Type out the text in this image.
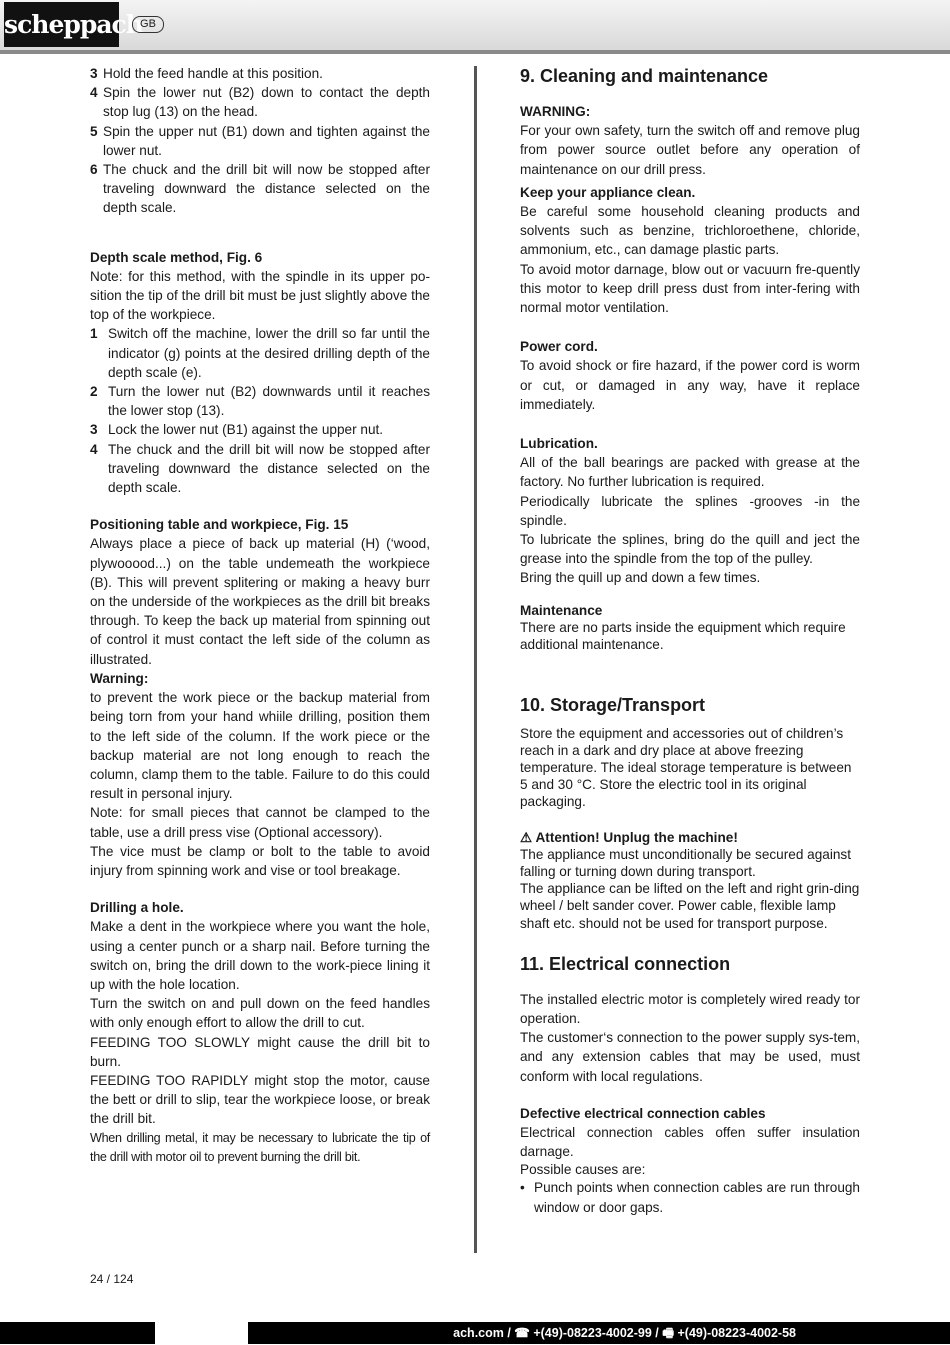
scheppach
GB
3 Hold the feed handle at this position.
4 Spin the lower nut (B2) down to contact the depth stop lug (13) on the head.
5 Spin the upper nut (B1) down and tighten against the lower nut.
6 The chuck and the drill bit will now be stopped after traveling downward the distance selected on the depth scale.

Depth scale method, Fig. 6

Note: for this method, with the spindle in its upper po-sition the tip of the drill bit must be just slightly above the top of the workpiece.

1 Switch off the machine, lower the drill so far until the indicator (g) points at the desired drilling depth of the depth scale (e).
2 Turn the lower nut (B2) downwards until it reaches the lower stop (13).
3 Lock the lower nut (B1) against the upper nut.
4 The chuck and the drill bit will now be stopped after traveling downward the distance selected on the depth scale.

Positioning table and workpiece, Fig. 15

Always place a piece of back up material (H) (‘wood, plywooood...) on the table undemeath the workpiece (B). This will prevent splitering or making a heavy burr on the underside of the workpieces as the drill bit breaks through. To keep the back up material from spinning out of control it must contact the left side of the column as illustrated.

Warning:

to prevent the work piece or the backup material from being torn from your hand whiile drilling, position them to the left side of the column. If the work piece or the backup material are not long enough to reach the column, clamp them to the table. Failure to do this could result in personal injury.

Note: for small pieces that cannot be clamped to the table, use a drill press vise (Optional accessory).

The vice must be clamp or bolt to the table to avoid injury from spinning work and vise or tool breakage.

Drilling a hole.

Make a dent in the workpiece where you want the hole, using a center punch or a sharp nail. Before turning the switch on, bring the drill down to the work-piece lining it up with the hole location.

Turn the switch on and pull down on the feed handles with only enough effort to allow the drill to cut.

FEEDING TOO SLOWLY might cause the drill bit to burn.

FEEDING TOO RAPIDLY might stop the motor, cause the bett or drill to slip, tear the workpiece loose, or break the drill bit.

When drilling metal, it may be necessary to lubricate the tip of the drill with motor oil to prevent burning the drill bit.

9. Cleaning and maintenance

WARNING:

For your own safety, turn the switch off and remove plug from power source outlet before any operation of maintenance on our drill press.

Keep your appliance clean.

Be careful some household cleaning products and solvents such as benzine, trichloroethene, chloride, ammonium, etc., can damage plastic parts.

To avoid motor darnage, blow out or vacuurn fre-quently this motor to keep drill press dust from inter-fering with normal motor ventilation.

Power cord.

To avoid shock or fire hazard, if the power cord is worm or cut, or damaged in any way, have it replace immediately.

Lubrication.

All of the ball bearings are packed with grease at the factory. No further lubrication is required.

Periodically lubricate the splines -grooves -in the spindle.

To lubricate the splines, bring do the quill and ject the grease into the spindle from the top of the pulley.

Bring the quill up and down a few times.

Maintenance

There are no parts inside the equipment which require additional maintenance.

10. Storage/Transport

Store the equipment and accessories out of children’s reach in a dark and dry place at above freezing temperature. The ideal storage temperature is between 5 and 30 °C. Store the electric tool in its original packaging.

⚠ Attention! Unplug the machine!

The appliance must unconditionally be secured against falling or turning down during transport.

The appliance can be lifted on the left and right grin-ding wheel / belt sander cover. Power cable, flexible lamp shaft etc. should not be used for transport purpose.

11. Electrical connection

The installed electric motor is completely wired ready tor operation.

The customer‘s connection to the power supply sys-tem, and any extension cables that may be used, must conform with local regulations.

Defective electrical connection cables

Electrical connection cables offen suffer insulation darnage.

Possible causes are:

• Punch points when connection cables are run through window or door gaps.
24 / 124
ach.com / ☎ +(49)-08223-4002-99 / 🖷 +(49)-08223-4002-58
